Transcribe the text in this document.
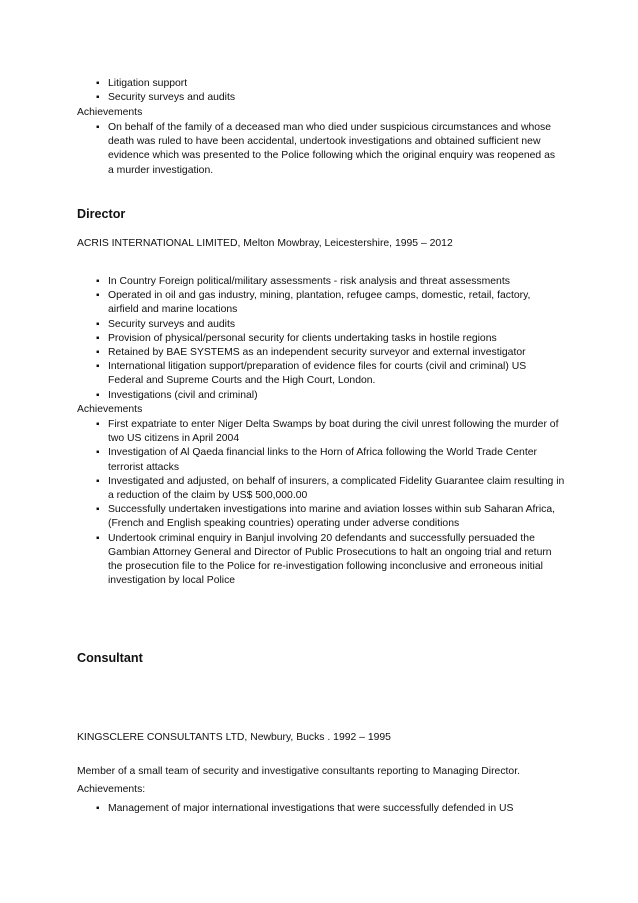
▪ Litigation support
▪ Security surveys and audits
Achievements
▪ On behalf of the family of a deceased man who died under suspicious circumstances and whose death was ruled to have been accidental, undertook investigations and obtained sufficient new evidence which was presented to the Police following which the original enquiry was reopened as a murder investigation.
Director
ACRIS INTERNATIONAL LIMITED, Melton Mowbray, Leicestershire, 1995 – 2012
▪ In Country Foreign political/military assessments - risk analysis and threat assessments
▪ Operated in oil and gas industry, mining, plantation, refugee camps, domestic, retail, factory, airfield and marine locations
▪ Security surveys and audits
▪ Provision of physical/personal security for clients undertaking tasks in hostile regions
▪ Retained by BAE SYSTEMS as an independent security surveyor and external investigator
▪ International litigation support/preparation of evidence files for courts (civil and criminal) US Federal and Supreme Courts and the High Court, London.
▪ Investigations (civil and criminal)
Achievements
▪ First expatriate to enter Niger Delta Swamps by boat during the civil unrest following the murder of two US citizens in April 2004
▪ Investigation of Al Qaeda financial links to the Horn of Africa following the World Trade Center terrorist attacks
▪ Investigated and adjusted, on behalf of insurers, a complicated Fidelity Guarantee claim resulting in a reduction of the claim by US$ 500,000.00
▪ Successfully undertaken investigations into marine and aviation losses within sub Saharan Africa, (French and English speaking countries) operating under adverse conditions
▪ Undertook criminal enquiry in Banjul involving 20 defendants and successfully persuaded the Gambian Attorney General and Director of Public Prosecutions to halt an ongoing trial and return the prosecution file to the Police for re-investigation following inconclusive and erroneous initial investigation by local Police
Consultant
KINGSCLERE CONSULTANTS LTD, Newbury, Bucks . 1992 – 1995
Member of a small team of security and investigative consultants reporting to Managing Director.
Achievements:
▪ Management of major international investigations that were successfully defended in US
